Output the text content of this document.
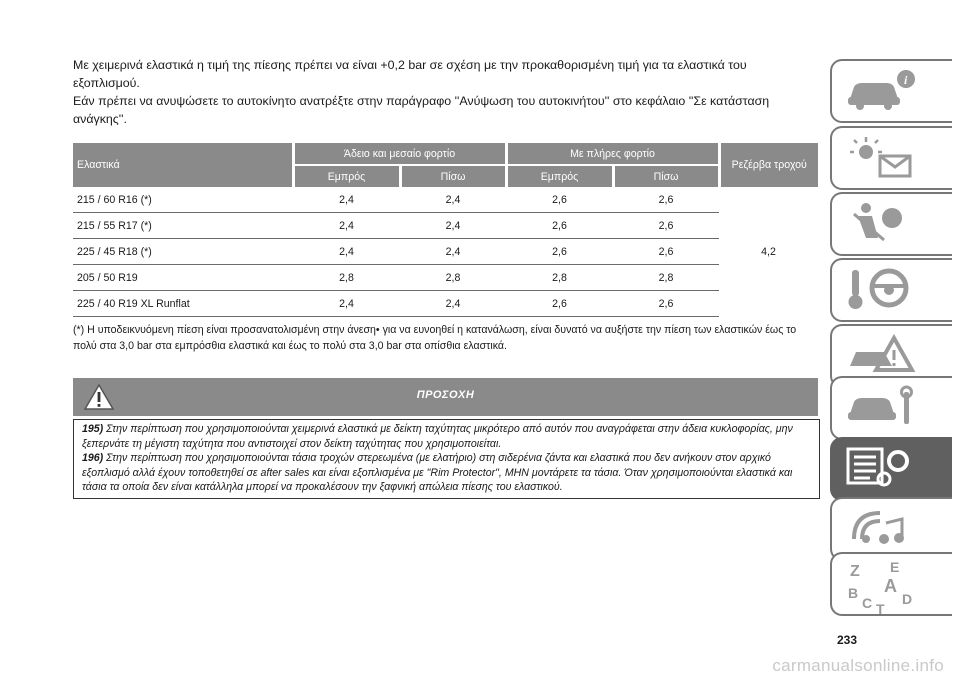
Με χειμερινά ελαστικά η τιμή της πίεσης πρέπει να είναι +0,2 bar σε σχέση με την προκαθορισμένη τιμή για τα ελαστικά του εξοπλισμού.

Εάν πρέπει να ανυψώσετε το αυτοκίνητο ανατρέξτε στην παράγραφο ''Ανύψωση του αυτοκινήτου'' στο κεφάλαιο ''Σε κατάσταση ανάγκης''.

Ελαστικά	Άδειο και μεσαίο φορτίο		Με πλήρες φορτίο		Ρεζέρβα τροχού
	Εμπρός	Πίσω	Εμπρός	Πίσω	
215 / 60 R16 (*)	2,4	2,4	2,6	2,6	4,2
215 / 55 R17 (*)	2,4	2,4	2,6	2,6	
225 / 45 R18 (*)	2,4	2,4	2,6	2,6	
205 / 50 R19	2,8	2,8	2,8	2,8	
225 / 40 R19 XL Runflat	2,4	2,4	2,6	2,6	
(*) Η υποδεικνυόμενη πίεση είναι προσανατολισμένη στην άνεση• για να ευνοηθεί η κατανάλωση, είναι δυνατό να αυξήστε την πίεση των ελαστικών έως το πολύ στα 3,0 bar στα εμπρόσθια ελαστικά και έως το πολύ στα 3,0 bar στα οπίσθια ελαστικά.
ΠΡΟΣΟΧΗ

195) Στην περίπτωση που χρησιμοποιούνται χειμερινά ελαστικά με δείκτη ταχύτητας μικρότερο από αυτόν που αναγράφεται στην άδεια κυκλοφορίας, μην ξεπερνάτε τη μέγιστη ταχύτητα που αντιστοιχεί στον δείκτη ταχύτητας που χρησιμοποιείται.

196) Στην περίπτωση που χρησιμοποιούνται τάσια τροχών στερεωμένα (με ελατήριο) στη σιδερένια ζάντα και ελαστικά που δεν ανήκουν στον αρχικό εξοπλισμό αλλά έχουν τοποθετηθεί σε after sales και είναι εξοπλισμένα με "Rim Protector", ΜΗΝ μοντάρετε τα τάσια. Όταν χρησιμοποιούνται ελαστικά και τάσια τα οποία δεν είναι κατάλληλα μπορεί να προκαλέσουν την ξαφνική απώλεια πίεσης του ελαστικού.

i
Z E
B A
C T
D
233
carmanualsonline.info
